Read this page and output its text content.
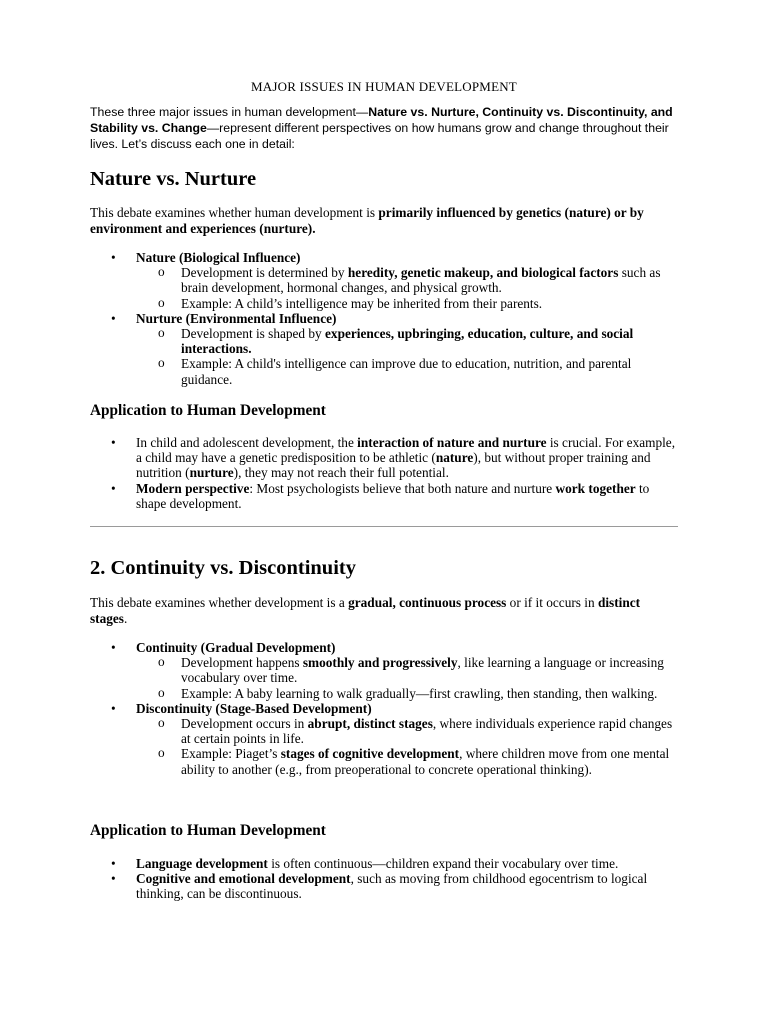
MAJOR ISSUES IN HUMAN DEVELOPMENT

These three major issues in human development—Nature vs. Nurture, Continuity vs. Discontinuity, and Stability vs. Change—represent different perspectives on how humans grow and change throughout their lives. Let’s discuss each one in detail:

Nature vs. Nurture

This debate examines whether human development is primarily influenced by genetics (nature) or by environment and experiences (nurture).

• Nature (Biological Influence)
o Development is determined by heredity, genetic makeup, and biological factors such as brain development, hormonal changes, and physical growth.
o Example: A child’s intelligence may be inherited from their parents.
• Nurture (Environmental Influence)
o Development is shaped by experiences, upbringing, education, culture, and social interactions.
o Example: A child's intelligence can improve due to education, nutrition, and parental guidance.
Application to Human Development
• In child and adolescent development, the interaction of nature and nurture is crucial. For example, a child may have a genetic predisposition to be athletic (nature), but without proper training and nutrition (nurture), they may not reach their full potential.
• Modern perspective: Most psychologists believe that both nature and nurture work together to shape development.
2. Continuity vs. Discontinuity

This debate examines whether development is a gradual, continuous process or if it occurs in distinct stages.

• Continuity (Gradual Development)
o Development happens smoothly and progressively, like learning a language or increasing vocabulary over time.
o Example: A baby learning to walk gradually—first crawling, then standing, then walking.
• Discontinuity (Stage-Based Development)
o Development occurs in abrupt, distinct stages, where individuals experience rapid changes at certain points in life.
o Example: Piaget’s stages of cognitive development, where children move from one mental ability to another (e.g., from preoperational to concrete operational thinking).
Application to Human Development
• Language development is often continuous—children expand their vocabulary over time.
• Cognitive and emotional development, such as moving from childhood egocentrism to logical thinking, can be discontinuous.
